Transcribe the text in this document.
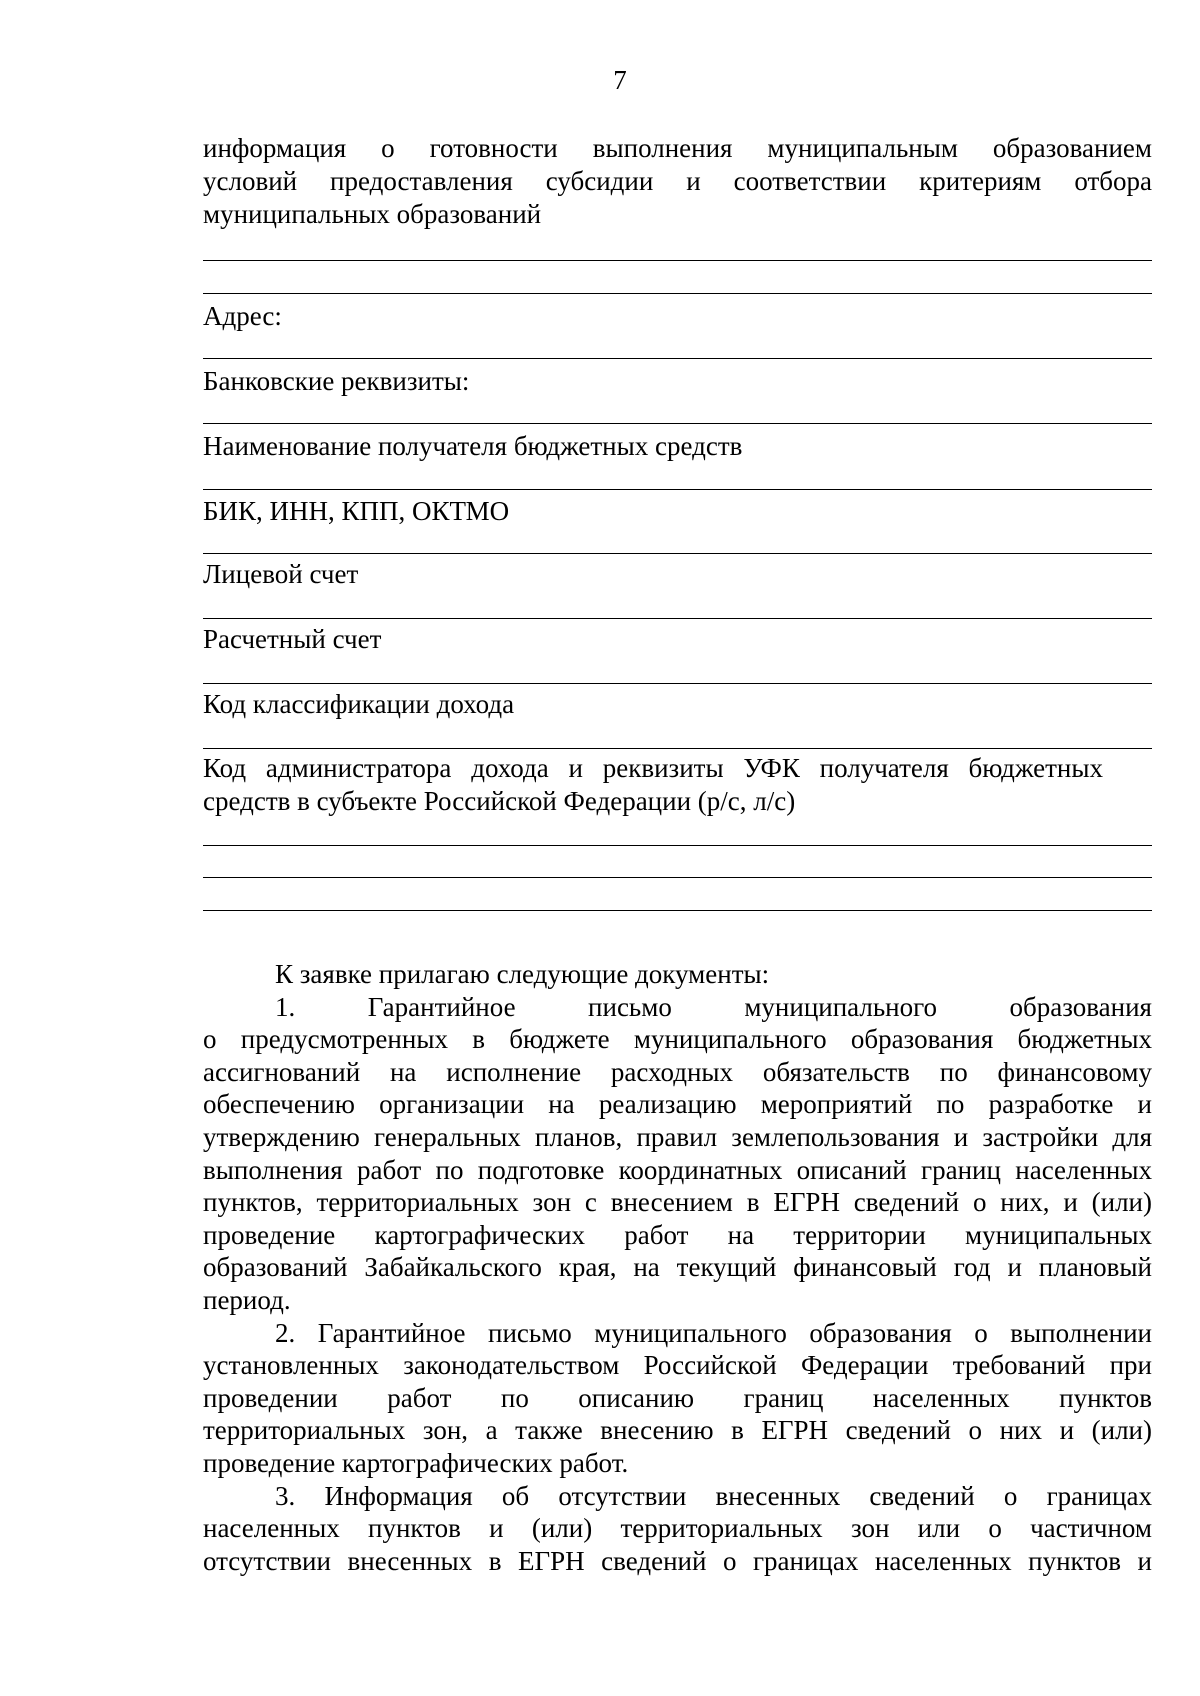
7
информация о готовности выполнения муниципальным образованием
условий предоставления субсидии и соответствии критериям отбора
муниципальных образований
Адрес:
Банковские реквизиты:
Наименование получателя бюджетных средств
БИК, ИНН, КПП, ОКТМО
Лицевой счет
Расчетный счет
Код классификации дохода
Код администратора дохода и реквизиты УФК получателя бюджетных
средств в субъекте Российской Федерации (р/с, л/с)
К заявке прилагаю следующие документы:
1.	Гарантийное	письмо	муниципального	образования
о предусмотренных в бюджете муниципального образования бюджетных
ассигнований на исполнение расходных обязательств по финансовому
обеспечению организации на реализацию мероприятий по разработке и
утверждению генеральных планов, правил землепользования и застройки для
выполнения работ по подготовке координатных описаний границ населенных
пунктов, территориальных зон с внесением в ЕГРН сведений о них, и (или)
проведение картографических работ на территории муниципальных
образований Забайкальского края, на текущий финансовый год и плановый
период.
2. Гарантийное письмо муниципального образования о выполнении
установленных законодательством Российской Федерации требований при
проведении работ по описанию границ населенных пунктов
территориальных зон, а также внесению в ЕГРН сведений о них и (или)
проведение картографических работ.
3. Информация об отсутствии внесенных сведений о границах
населенных пунктов и (или) территориальных зон или о частичном
отсутствии внесенных в ЕГРН сведений о границах населенных пунктов и
